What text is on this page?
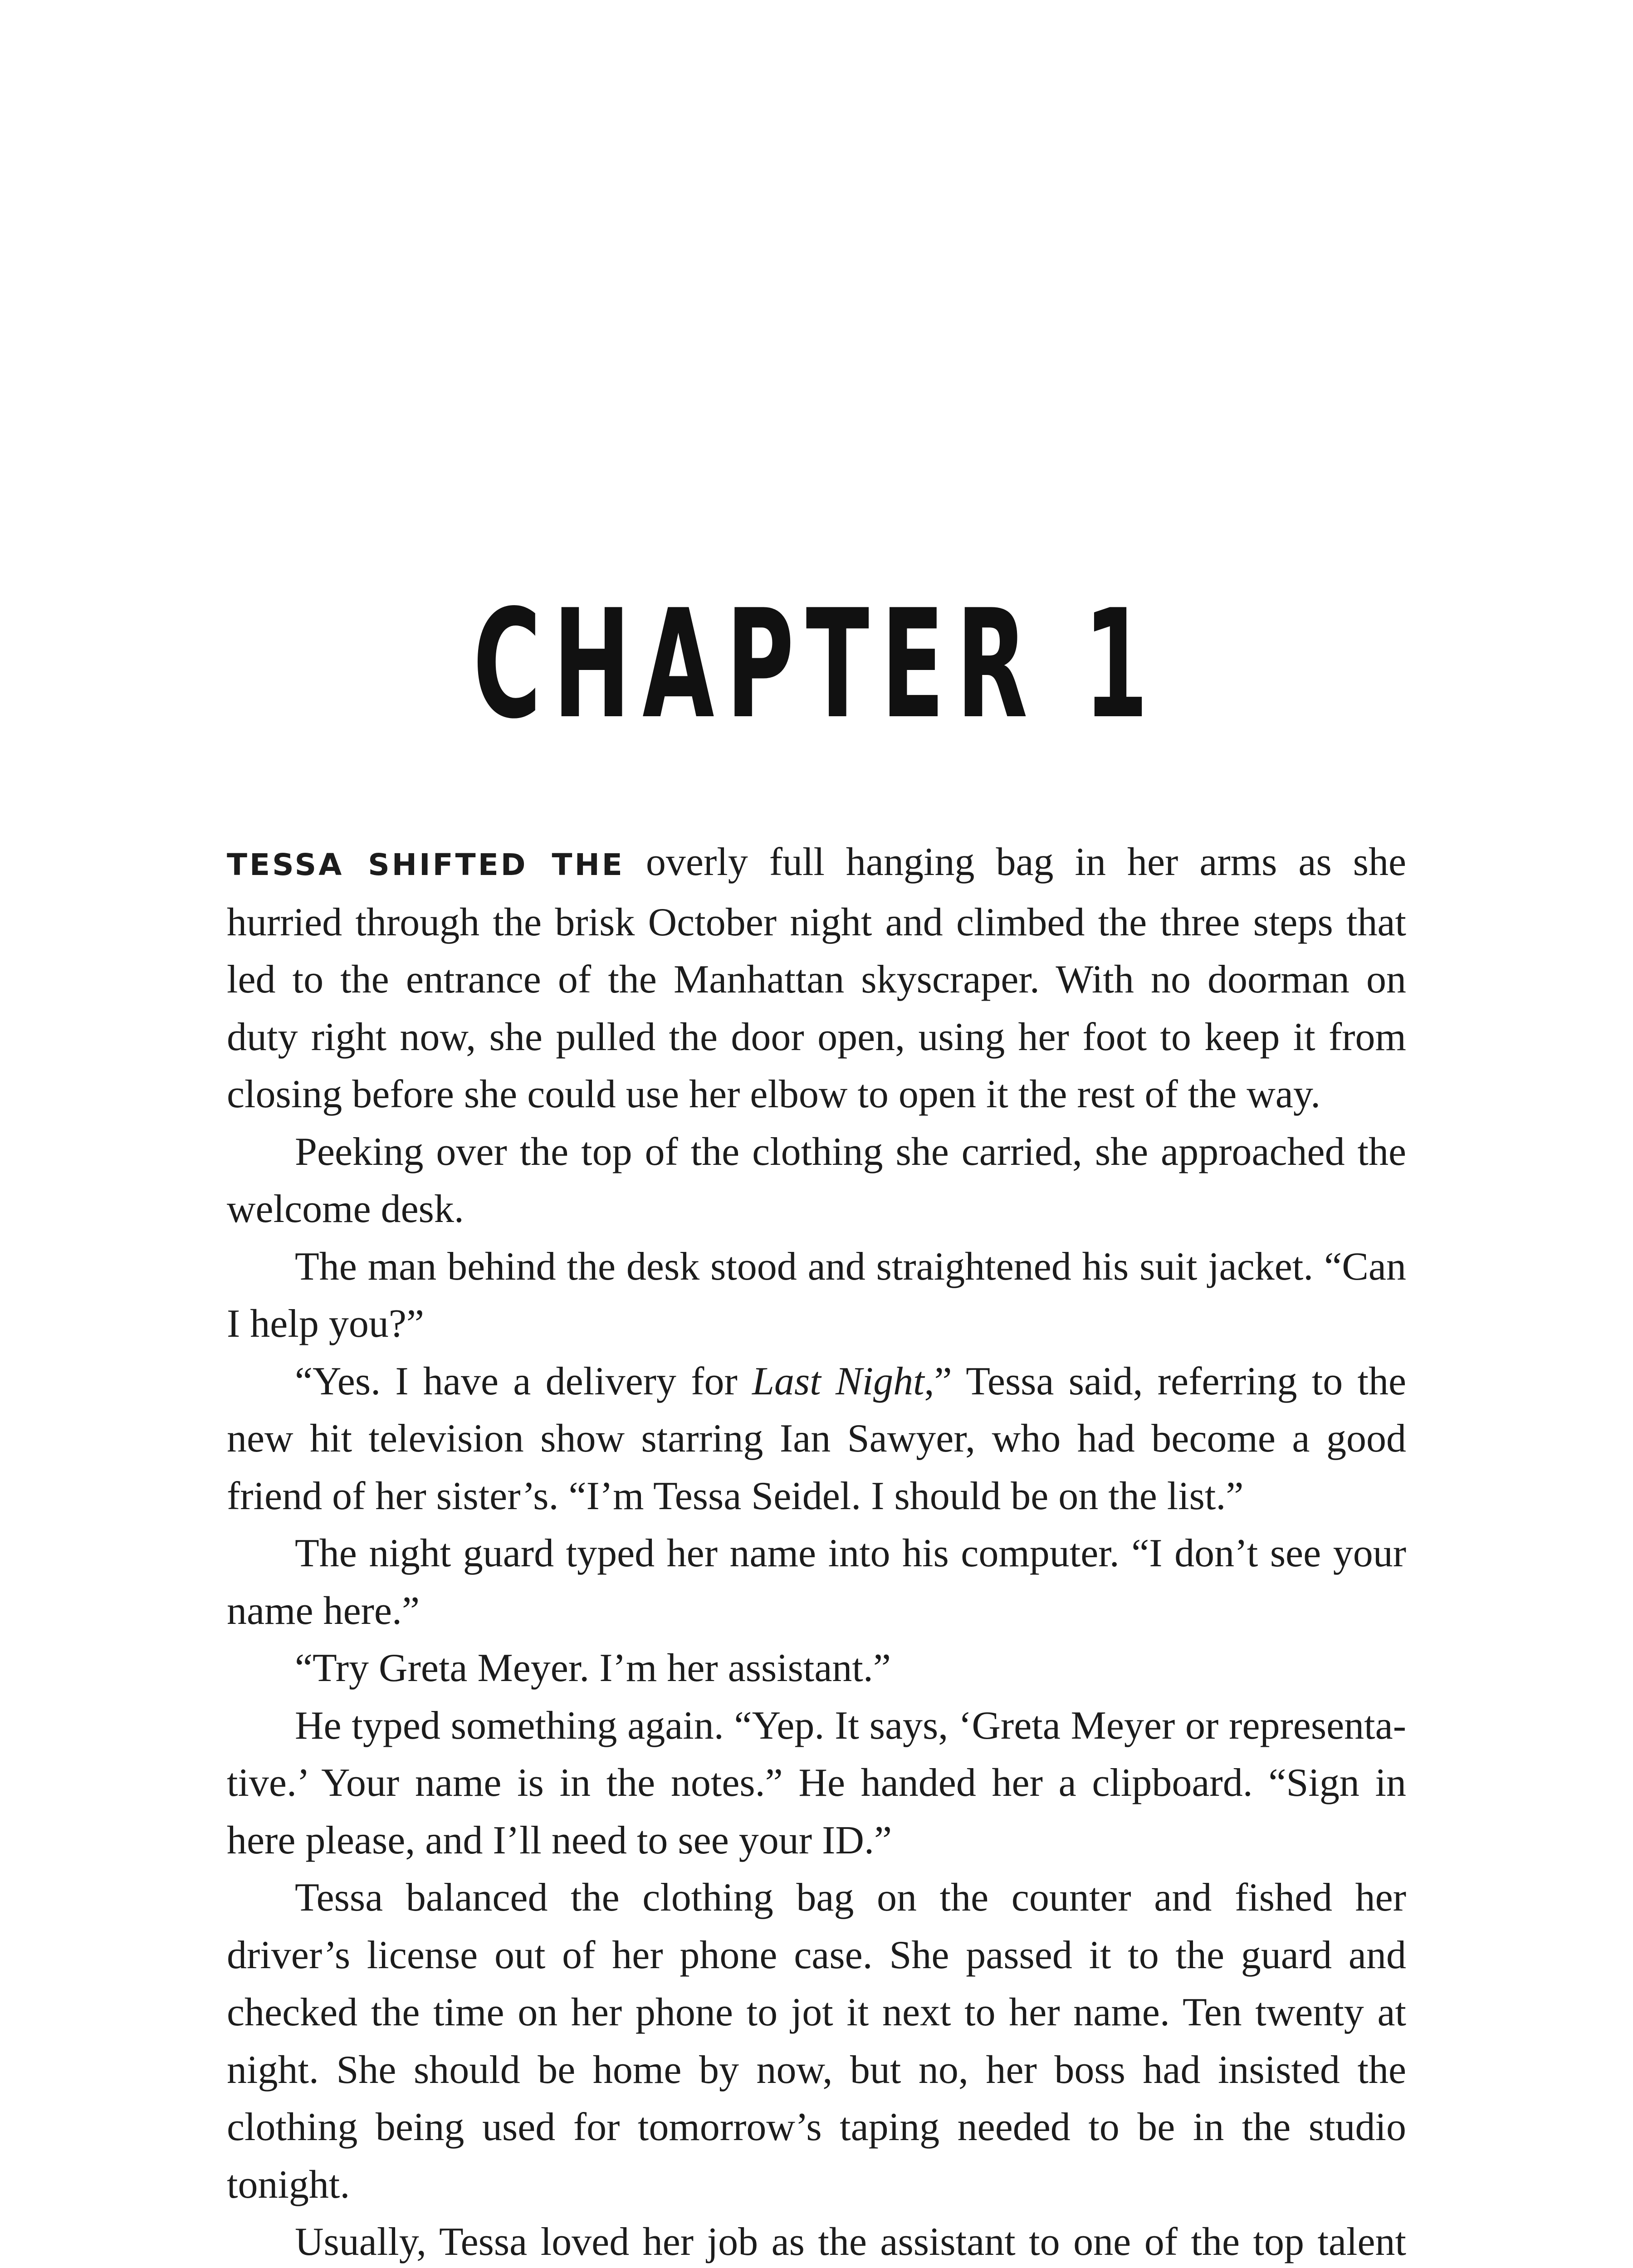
CHAPTER 1

TESSA SHIFTED THE overly full hanging bag in her arms as she hurried through the brisk October night and climbed the three steps that led to the entrance of the Manhattan skyscraper. With no doorman on duty right now, she pulled the door open, using her foot to keep it from closing before she could use her elbow to open it the rest of the way.

Peeking over the top of the clothing she carried, she approached the welcome desk.

The man behind the desk stood and straightened his suit jacket. “Can I help you?”

“Yes. I have a delivery for Last Night,” Tessa said, referring to the new hit television show starring Ian Sawyer, who had become a good friend of her sister’s. “I’m Tessa Seidel. I should be on the list.”

The night guard typed her name into his computer. “I don’t see your name here.”

“Try Greta Meyer. I’m her assistant.”

He typed something again. “Yep. It says, ‘Greta Meyer or representative.’ Your name is in the notes.” He handed her a clipboard. “Sign in here please, and I’ll need to see your ID.”

Tessa balanced the clothing bag on the counter and fished her driver’s license out of her phone case. She passed it to the guard and checked the time on her phone to jot it next to her name. Ten twenty at night. She should be home by now, but no, her boss had insisted the clothing being used for tomorrow’s taping needed to be in the studio tonight.

Usually, Tessa loved her job as the assistant to one of the top talent
